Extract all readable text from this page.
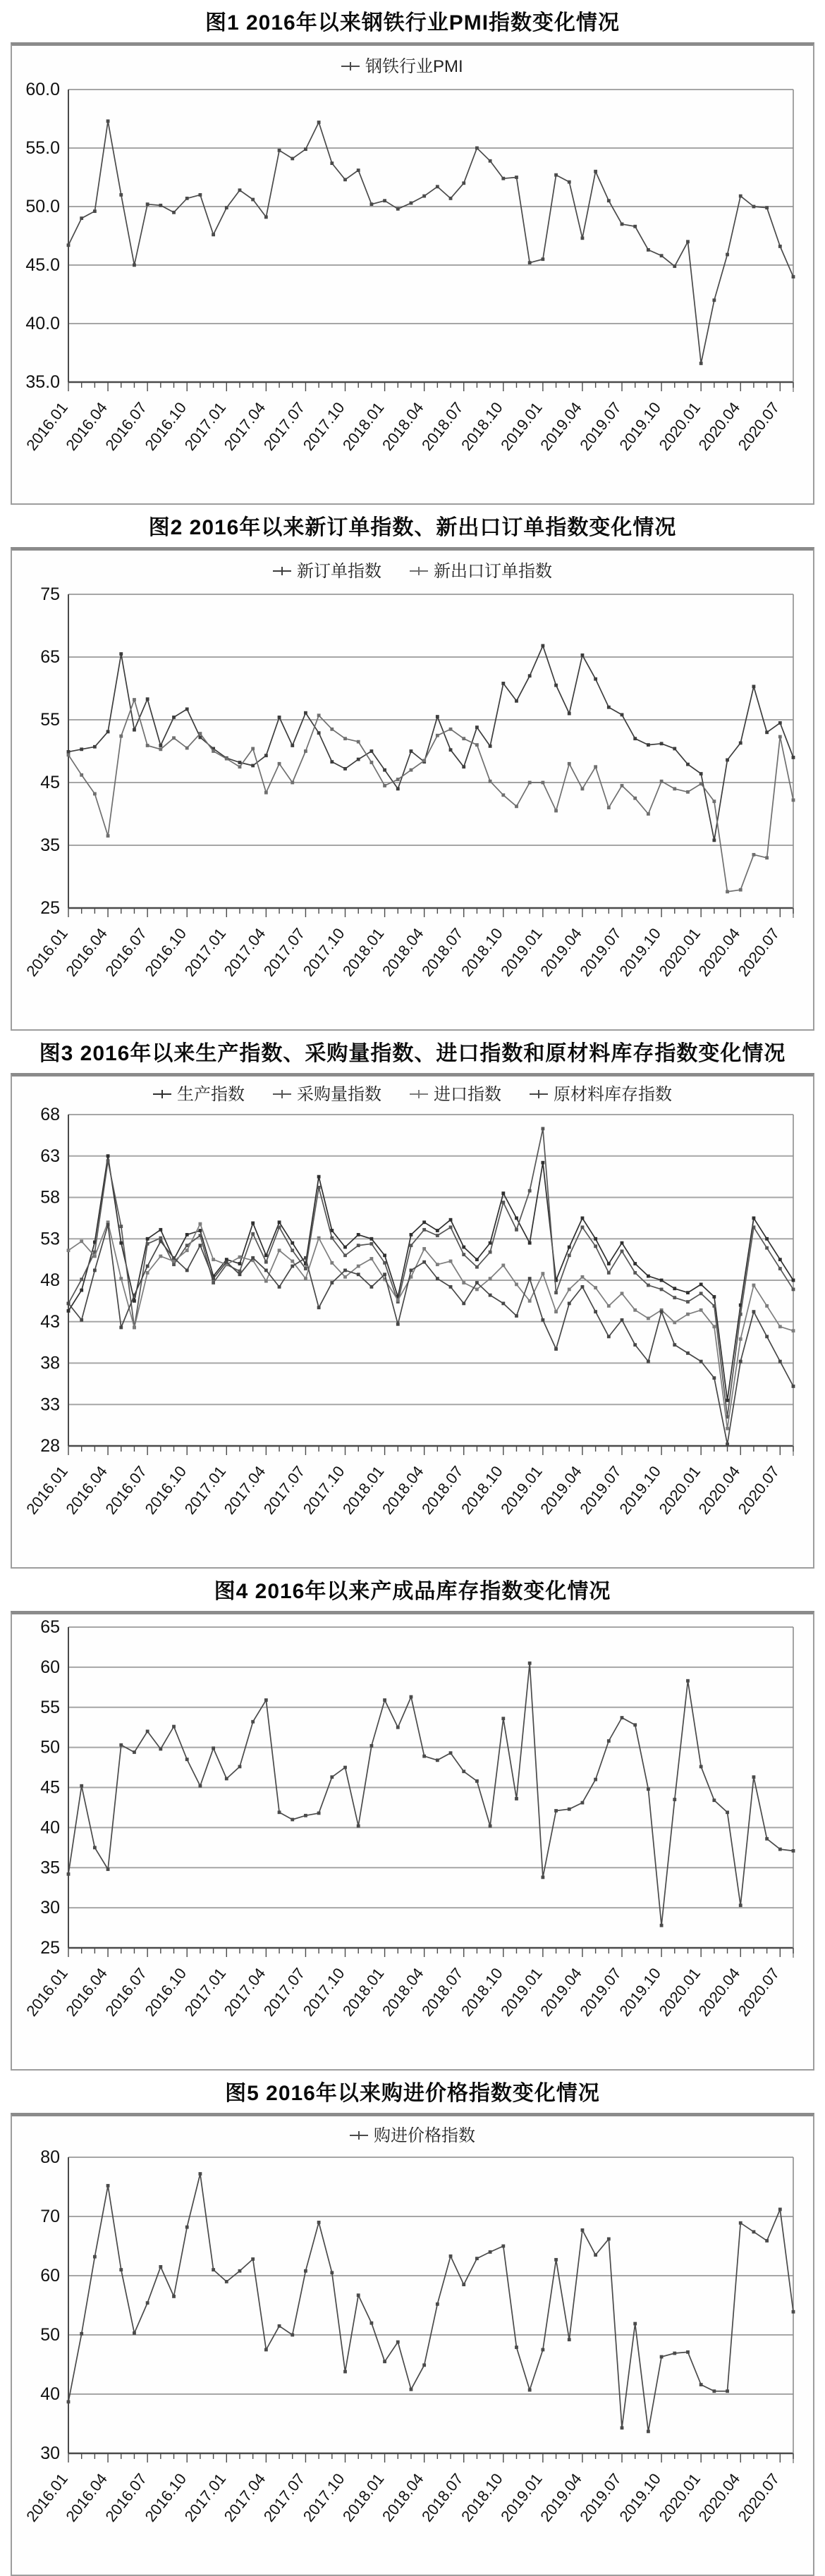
图1 2016年以来钢铁行业PMI指数变化情况
60.0
55.0
50.0
45.0
40.0
35.0
2016.01
2016.04
2016.07
2016.10
2017.01
2017.04
2017.07
2017.10
2018.01
2018.04
2018.07
2018.10
2019.01
2019.04
2019.07
2019.10
2020.01
2020.04
2020.07
钢铁行业PMI
图2 2016年以来新订单指数、新出口订单指数变化情况
75
65
55
45
35
25
2016.01
2016.04
2016.07
2016.10
2017.01
2017.04
2017.07
2017.10
2018.01
2018.04
2018.07
2018.10
2019.01
2019.04
2019.07
2019.10
2020.01
2020.04
2020.07
新订单指数	新出口订单指数
图3 2016年以来生产指数、采购量指数、进口指数和原材料库存指数变化情况
68
63
58
53
48
43
38
33
28
2016.01
2016.04
2016.07
2016.10
2017.01
2017.04
2017.07
2017.10
2018.01
2018.04
2018.07
2018.10
2019.01
2019.04
2019.07
2019.10
2020.01
2020.04
2020.07
生产指数	采购量指数	进口指数	原材料库存指数
图4 2016年以来产成品库存指数变化情况
65
60
55
50
45
40
35
30
25
2016.01
2016.04
2016.07
2016.10
2017.01
2017.04
2017.07
2017.10
2018.01
2018.04
2018.07
2018.10
2019.01
2019.04
2019.07
2019.10
2020.01
2020.04
2020.07
图5 2016年以来购进价格指数变化情况
80
70
60
50
40
30
2016.01
2016.04
2016.07
2016.10
2017.01
2017.04
2017.07
2017.10
2018.01
2018.04
2018.07
2018.10
2019.01
2019.04
2019.07
2019.10
2020.01
2020.04
2020.07
购进价格指数
